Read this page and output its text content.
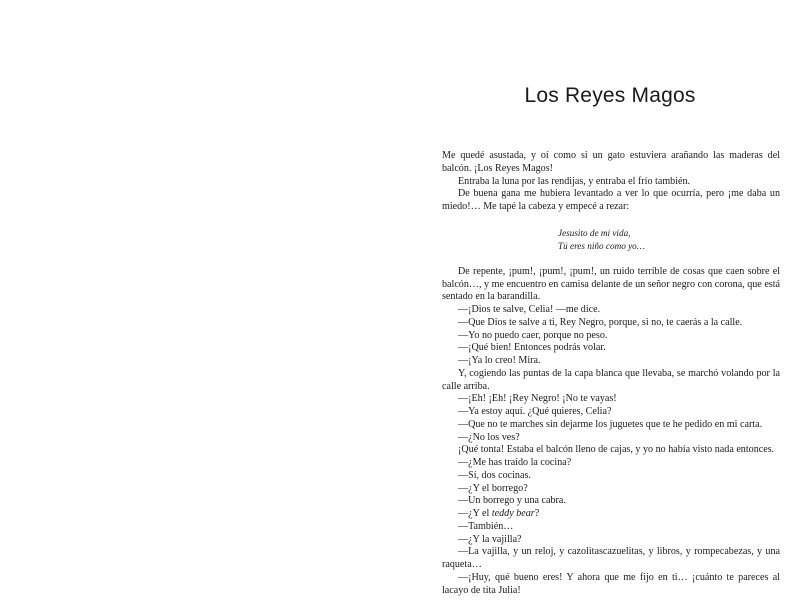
Los Reyes Magos

Me quedé asustada, y oí como si un gato estuviera arañando las maderas del balcón. ¡Los Reyes Magos!

Entraba la luna por las rendijas, y entraba el frío también.

De buena gana me hubiera levantado a ver lo que ocurría, pero ¡me daba un miedo!… Me tapé la cabeza y empecé a rezar:

Jesusito de mi vida,
Tú eres niño como yo…

De repente, ¡pum!, ¡pum!, ¡pum!, un ruido terrible de cosas que caen sobre el balcón…, y me encuentro en camisa delante de un señor negro con corona, que está sentado en la barandilla.

—¡Dios te salve, Celia! —me dice.

—Que Dios te salve a ti, Rey Negro, porque, si no, te caerás a la calle.

—Yo no puedo caer, porque no peso.

—¡Qué bien! Entonces podrás volar.

—¡Ya lo creo! Mira.

Y, cogiendo las puntas de la capa blanca que llevaba, se marchó volando por la calle arriba.

—¡Eh! ¡Eh! ¡Rey Negro! ¡No te vayas!

—Ya estoy aquí. ¿Qué quieres, Celia?

—Que no te marches sin dejarme los juguetes que te he pedido en mi carta.

—¿No los ves?

¡Qué tonta! Estaba el balcón lleno de cajas, y yo no había visto nada entonces.

—¿Me has traído la cocina?

—Sí, dos cocinas.

—¿Y el borrego?

—Un borrego y una cabra.

—¿Y el teddy bear?

—También…

—¿Y la vajilla?

—La vajilla, y un reloj, y cazolitascazuelitas, y libros, y rompecabezas, y una raqueta…

—¡Huy, qué bueno eres! Y ahora que me fijo en ti… ¡cuánto te pareces al lacayo de tita Julia!
